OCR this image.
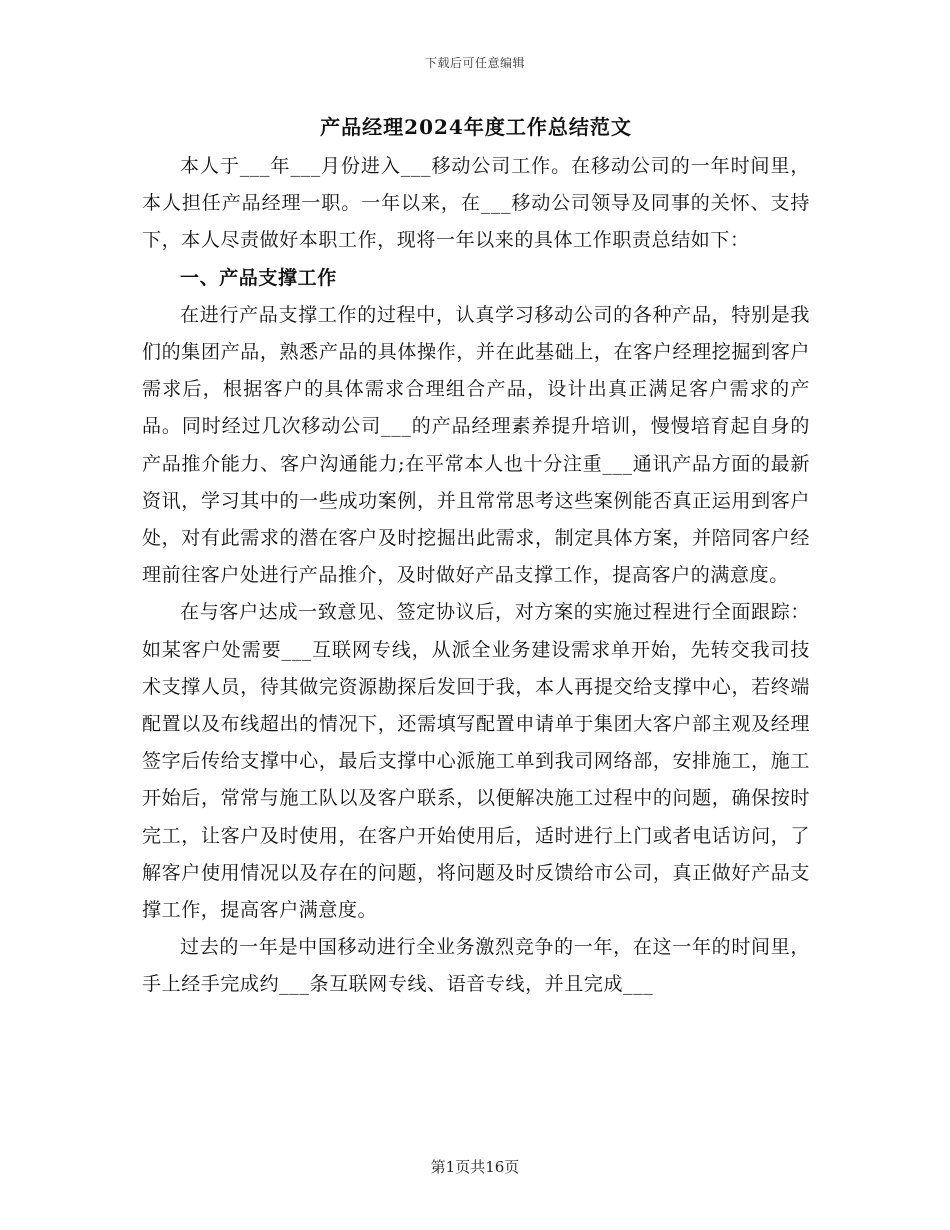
下载后可任意编辑
产品经理2024年度工作总结范文

本人于___年___月份进入___移动公司工作。在移动公司的一年时间里，本人担任产品经理一职。一年以来，在___移动公司领导及同事的关怀、支持下，本人尽责做好本职工作，现将一年以来的具体工作职责总结如下：

一、产品支撑工作

在进行产品支撑工作的过程中，认真学习移动公司的各种产品，特别是我们的集团产品，熟悉产品的具体操作，并在此基础上，在客户经理挖掘到客户需求后，根据客户的具体需求合理组合产品，设计出真正满足客户需求的产品。同时经过几次移动公司___的产品经理素养提升培训，慢慢培育起自身的产品推介能力、客户沟通能力;在平常本人也十分注重___通讯产品方面的最新资讯，学习其中的一些成功案例，并且常常思考这些案例能否真正运用到客户处，对有此需求的潜在客户及时挖掘出此需求，制定具体方案，并陪同客户经理前往客户处进行产品推介，及时做好产品支撑工作，提高客户的满意度。

在与客户达成一致意见、签定协议后，对方案的实施过程进行全面跟踪：如某客户处需要___互联网专线，从派全业务建设需求单开始，先转交我司技术支撑人员，待其做完资源勘探后发回于我，本人再提交给支撑中心，若终端配置以及布线超出的情况下，还需填写配置申请单于集团大客户部主观及经理签字后传给支撑中心，最后支撑中心派施工单到我司网络部，安排施工，施工开始后，常常与施工队以及客户联系，以便解决施工过程中的问题，确保按时完工，让客户及时使用，在客户开始使用后，适时进行上门或者电话访问，了解客户使用情况以及存在的问题，将问题及时反馈给市公司，真正做好产品支撑工作，提高客户满意度。

过去的一年是中国移动进行全业务激烈竞争的一年，在这一年的时间里，手上经手完成约___条互联网专线、语音专线，并且完成___

第1页共16页
